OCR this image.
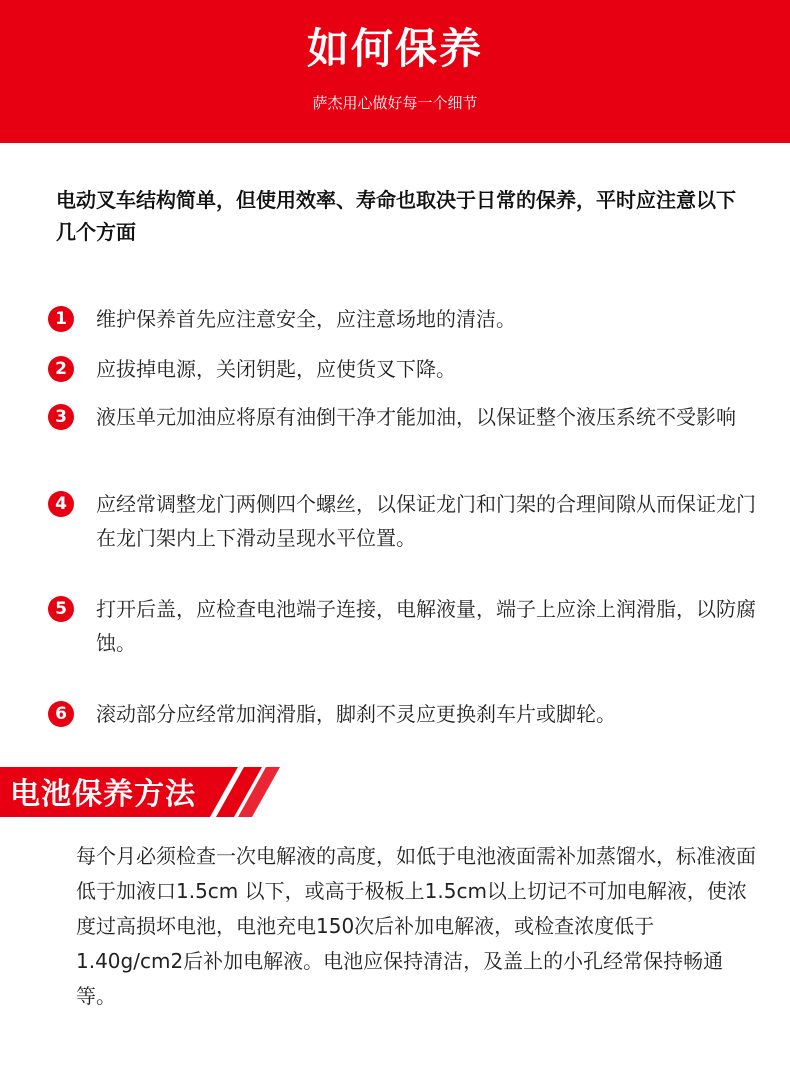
如何保养
萨杰用心做好每一个细节
电动叉车结构简单，但使用效率、寿命也取决于日常的保养，平时应注意以下几个方面
1	维护保养首先应注意安全，应注意场地的清洁。
2	应拔掉电源，关闭钥匙，应使货叉下降。
3	液压单元加油应将原有油倒干净才能加油，以保证整个液压系统不受影响
4	应经常调整龙门两侧四个螺丝，以保证龙门和门架的合理间隙从而保证龙门在龙门架内上下滑动呈现水平位置。
5	打开后盖，应检查电池端子连接，电解液量，端子上应涂上润滑脂，以防腐蚀。
6	滚动部分应经常加润滑脂，脚刹不灵应更换刹车片或脚轮。
电池保养方法
每个月必须检查一次电解液的高度，如低于电池液面需补加蒸馏水，标准液面低于加液口1.5cm 以下，或高于极板上1.5cm以上切记不可加电解液，使浓度过高损坏电池，电池充电150次后补加电解液，或检查浓度低于1.40g/cm2后补加电解液。电池应保持清洁，及盖上的小孔经常保持畅通等。
